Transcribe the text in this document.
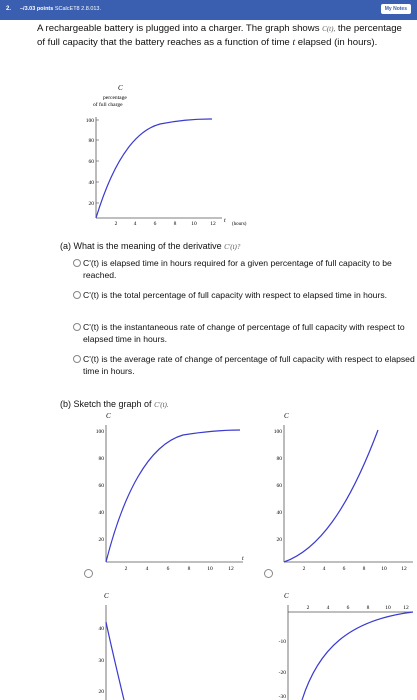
2. –/3.03 points SCalcET8 2.8.013.	My Notes
A rechargeable battery is plugged into a charger. The graph shows C(t), the percentage of full capacity that the battery reaches as a function of time t elapsed (in hours).
C
percentage
of full charge
100
80
60
40
20
2	4	6	8	10 12 t
(hours)
(a) What is the meaning of the derivative C'(t)?
C'(t) is elapsed time in hours required for a given percentage of full capacity to be reached.
C'(t) is the total percentage of full capacity with respect to elapsed time in hours.
C'(t) is the instantaneous rate of change of percentage of full capacity with respect to elapsed time in hours.
C'(t) is the average rate of change of percentage of full capacity with respect to elapsed time in hours.
(b) Sketch the graph of C'(t).
C
100
80
60
40
20
2	4	6	8	10	12
t
C
100
80
60
40
20
2	4	6	8	10	12
C
40
30
20
C
2	4	6	8	10 12
-10
-20
-30
